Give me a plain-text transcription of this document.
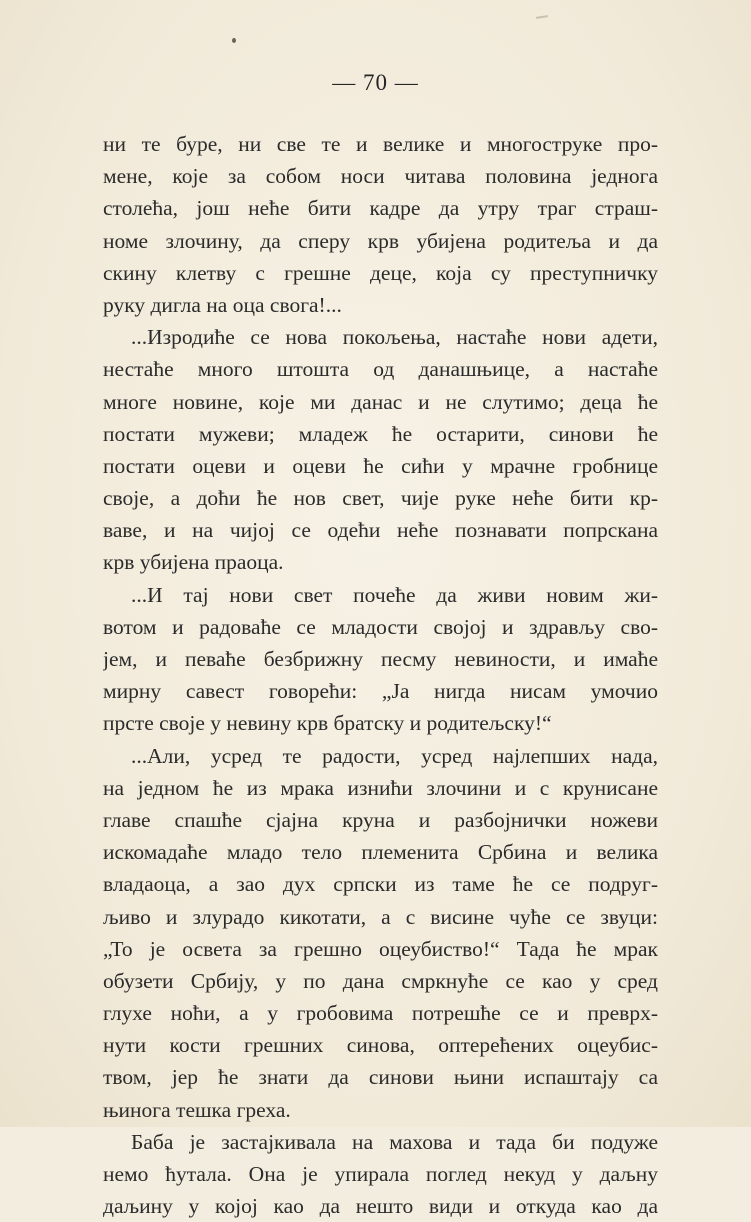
— 70 —
ни те буре, ни све те и велике и многоструке про-
мене, које за собом носи читава половина једнога
столећа, још неће бити кадре да утру траг страш-
номе злочину, да сперу крв убијена родитеља и да
скину клетву с грешне деце, која су преступничку
руку дигла на оца свога!...
...Изродиће се нова покољења, настаће нови адети,
нестаће много штошта од данашњице, а настаће
многе новине, које ми данас и не слутимо; деца ће
постати мужеви; младеж ће остарити, синови ће
постати оцеви и оцеви ће сићи у мрачне гробнице
своје, а доћи ће нов свет, чије руке неће бити кр-
ваве, и на чијој се одећи неће познавати попрскана
крв убијена праоца.
...И тај нови свет почеће да живи новим жи-
вотом и радоваће се младости својој и здрављу сво-
јем, и певаће безбрижну песму невиности, и имаће
мирну савест говорећи: „Ја нигда нисам умочио
прсте своје у невину крв братску и родитељску!“
...Али, усред те радости, усред најлепших нада,
на једном ће из мрака изнићи злочини и с крунисане
главе спашће сјајна круна и разбојнички ножеви
искомадаће младо тело племенита Србина и велика
владаоца, а зао дух српски из таме ће се подруг-
љиво и злурадо кикотати, а с висине чуће се звуци:
„То је освета за грешно оцеубиство!“ Тада ће мрак
обузети Србију, у по дана смркнуће се као у сред
глухе ноћи, а у гробовима потрешће се и преврх-
нути кости грешних синова, оптерећених оцеубис-
твом, јер ће знати да синови њини испаштају са
њинога тешка греха.
Баба је застајкивала на махова и тада би подуже
немо ћутала. Она је упирала поглед некуд у даљну
даљину у којој као да нешто види и откуда као да
